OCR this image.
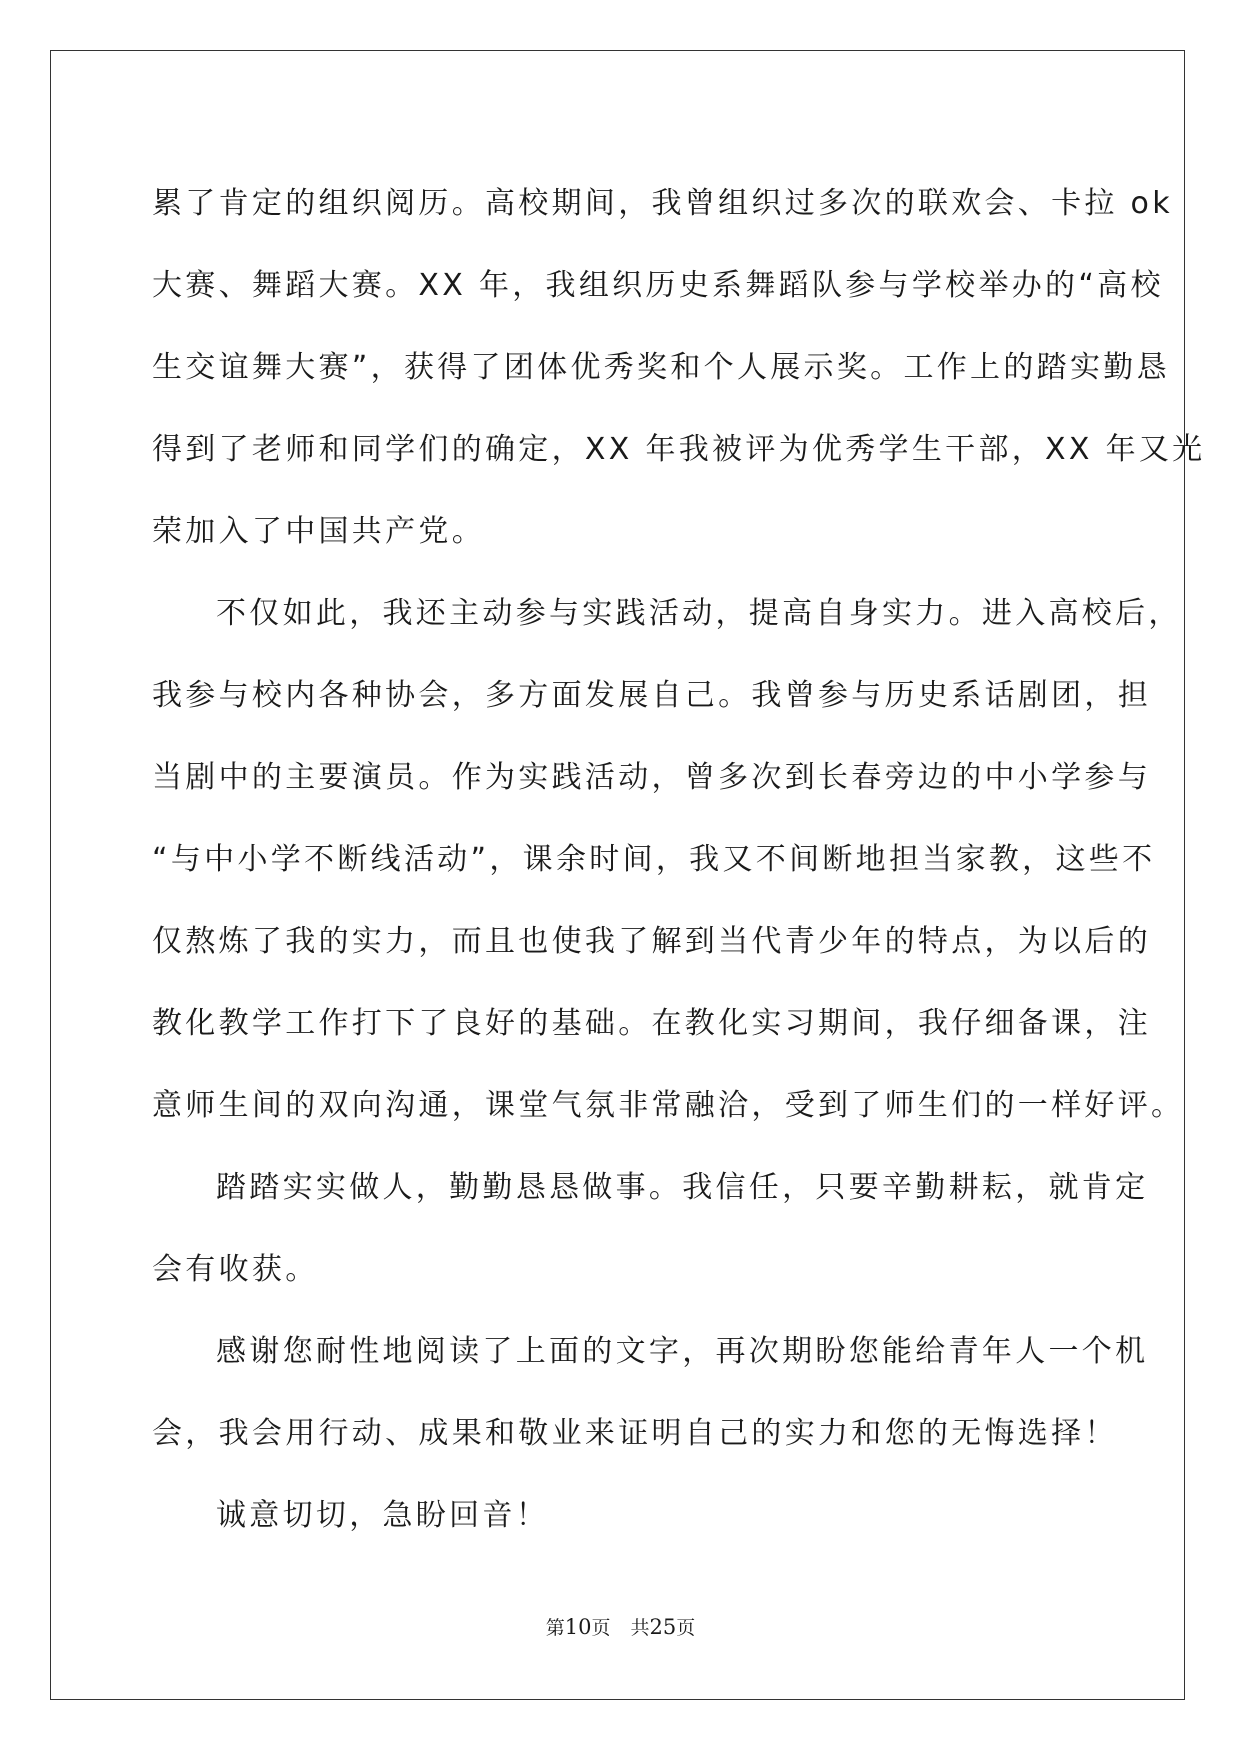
累了肯定的组织阅历。高校期间，我曾组织过多次的联欢会、卡拉 ok
大赛、舞蹈大赛。XX 年，我组织历史系舞蹈队参与学校举办的“高校
生交谊舞大赛”，获得了团体优秀奖和个人展示奖。工作上的踏实勤恳
得到了老师和同学们的确定，XX 年我被评为优秀学生干部，XX 年又光
荣加入了中国共产党。
不仅如此，我还主动参与实践活动，提高自身实力。进入高校后，
我参与校内各种协会，多方面发展自己。我曾参与历史系话剧团，担
当剧中的主要演员。作为实践活动，曾多次到长春旁边的中小学参与
“与中小学不断线活动”，课余时间，我又不间断地担当家教，这些不
仅熬炼了我的实力，而且也使我了解到当代青少年的特点，为以后的
教化教学工作打下了良好的基础。在教化实习期间，我仔细备课，注
意师生间的双向沟通，课堂气氛非常融洽，受到了师生们的一样好评。
踏踏实实做人，勤勤恳恳做事。我信任，只要辛勤耕耘，就肯定
会有收获。
感谢您耐性地阅读了上面的文字，再次期盼您能给青年人一个机
会，我会用行动、成果和敬业来证明自己的实力和您的无悔选择！
诚意切切，急盼回音！
第10页 共25页
